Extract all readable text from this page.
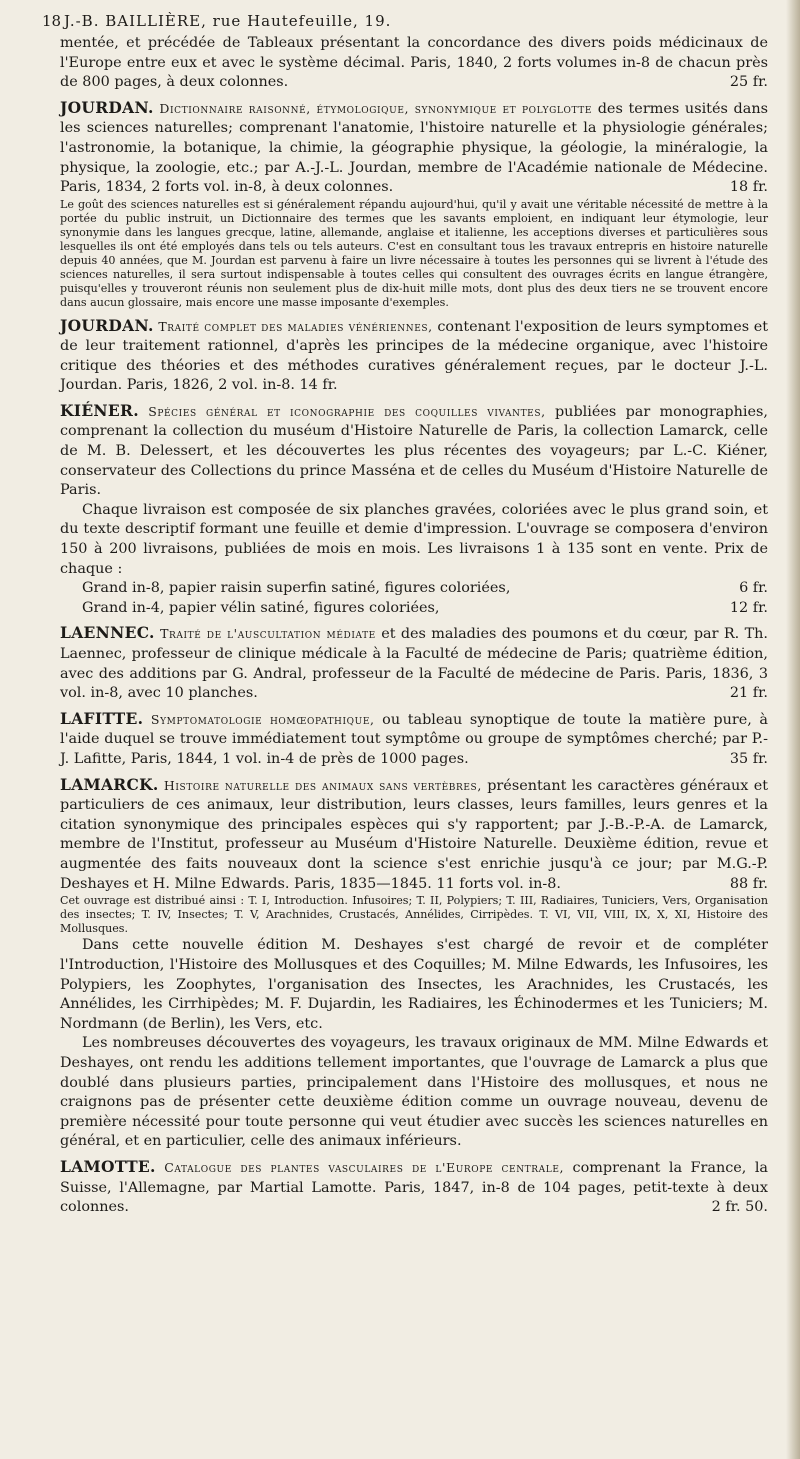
18 J.-B. BAILLIÈRE, rue Hautefeuille, 19.

mentée, et précédée de Tableaux présentant la concordance des divers poids médicinaux de l'Europe entre eux et avec le système décimal. Paris, 1840, 2 forts volumes in-8 de chacun près de 800 pages, à deux colonnes.	25 fr.

JOURDAN. Dictionnaire raisonné, étymologique, synonymique et polyglotte des termes usités dans les sciences naturelles; comprenant l'anatomie, l'histoire naturelle et la physiologie générales; l'astronomie, la botanique, la chimie, la géographie physique, la géologie, la minéralogie, la physique, la zoologie, etc.; par A.-J.-L. Jourdan, membre de l'Académie nationale de Médecine. Paris, 1834, 2 forts vol. in-8, à deux colonnes.	18 fr.

Le goût des sciences naturelles est si généralement répandu aujourd'hui, qu'il y avait une véritable nécessité de mettre à la portée du public instruit, un Dictionnaire des termes que les savants emploient, en indiquant leur étymologie, leur synonymie dans les langues grecque, latine, allemande, anglaise et italienne, les acceptions diverses et particulières sous lesquelles ils ont été employés dans tels ou tels auteurs. C'est en consultant tous les travaux entrepris en histoire naturelle depuis 40 années, que M. Jourdan est parvenu à faire un livre nécessaire à toutes les personnes qui se livrent à l'étude des sciences naturelles, il sera surtout indispensable à toutes celles qui consultent des ouvrages écrits en langue étrangère, puisqu'elles y trouveront réunis non seulement plus de dix-huit mille mots, dont plus des deux tiers ne se trouvent encore dans aucun glossaire, mais encore une masse imposante d'exemples.

JOURDAN. Traité complet des maladies vénériennes, contenant l'exposition de leurs symptomes et de leur traitement rationnel, d'après les principes de la médecine organique, avec l'histoire critique des théories et des méthodes curatives généralement reçues, par le docteur J.-L. Jourdan. Paris, 1826, 2 vol. in-8. 14 fr.

KIÉNER. Spécies général et iconographie des coquilles vivantes, publiées par monographies, comprenant la collection du muséum d'Histoire Naturelle de Paris, la collection Lamarck, celle de M. B. Delessert, et les découvertes les plus récentes des voyageurs; par L.-C. Kiéner, conservateur des Collections du prince Masséna et de celles du Muséum d'Histoire Naturelle de Paris.

Chaque livraison est composée de six planches gravées, coloriées avec le plus grand soin, et du texte descriptif formant une feuille et demie d'impression. L'ouvrage se composera d'environ 150 à 200 livraisons, publiées de mois en mois. Les livraisons 1 à 135 sont en vente. Prix de chaque :

Grand in-8, papier raisin superfin satiné, figures coloriées,	6 fr.
Grand in-4, papier vélin satiné, figures coloriées,	12 fr.

LAENNEC. Traité de l'auscultation médiate et des maladies des poumons et du cœur, par R. Th. Laennec, professeur de clinique médicale à la Faculté de médecine de Paris; quatrième édition, avec des additions par G. Andral, professeur de la Faculté de médecine de Paris. Paris, 1836, 3 vol. in-8, avec 10 planches.	21 fr.

LAFITTE. Symptomatologie homœopathique, ou tableau synoptique de toute la matière pure, à l'aide duquel se trouve immédiatement tout symptôme ou groupe de symptômes cherché; par P.-J. Lafitte, Paris, 1844, 1 vol. in-4 de près de 1000 pages.	35 fr.

LAMARCK. Histoire naturelle des animaux sans vertèbres, présentant les caractères généraux et particuliers de ces animaux, leur distribution, leurs classes, leurs familles, leurs genres et la citation synonymique des principales espèces qui s'y rapportent; par J.-B.-P.-A. de Lamarck, membre de l'Institut, professeur au Muséum d'Histoire Naturelle. Deuxième édition, revue et augmentée des faits nouveaux dont la science s'est enrichie jusqu'à ce jour; par M.G.-P. Deshayes et H. Milne Edwards. Paris, 1835—1845. 11 forts vol. in-8.	88 fr.

Cet ouvrage est distribué ainsi : T. I, Introduction. Infusoires; T. II, Polypiers; T. III, Radiaires, Tuniciers, Vers, Organisation des insectes; T. IV, Insectes; T. V, Arachnides, Crustacés, Annélides, Cirripèdes. T. VI, VII, VIII, IX, X, XI, Histoire des Mollusques.

Dans cette nouvelle édition M. Deshayes s'est chargé de revoir et de compléter l'Introduction, l'Histoire des Mollusques et des Coquilles; M. Milne Edwards, les Infusoires, les Polypiers, les Zoophytes, l'organisation des Insectes, les Arachnides, les Crustacés, les Annélides, les Cirrhipèdes; M. F. Dujardin, les Radiaires, les Échinodermes et les Tuniciers; M. Nordmann (de Berlin), les Vers, etc.

Les nombreuses découvertes des voyageurs, les travaux originaux de MM. Milne Edwards et Deshayes, ont rendu les additions tellement importantes, que l'ouvrage de Lamarck a plus que doublé dans plusieurs parties, principalement dans l'Histoire des mollusques, et nous ne craignons pas de présenter cette deuxième édition comme un ouvrage nouveau, devenu de première nécessité pour toute personne qui veut étudier avec succès les sciences naturelles en général, et en particulier, celle des animaux inférieurs.

LAMOTTE. Catalogue des plantes vasculaires de l'Europe centrale, comprenant la France, la Suisse, l'Allemagne, par Martial Lamotte. Paris, 1847, in-8 de 104 pages, petit-texte à deux colonnes.	2 fr. 50.
